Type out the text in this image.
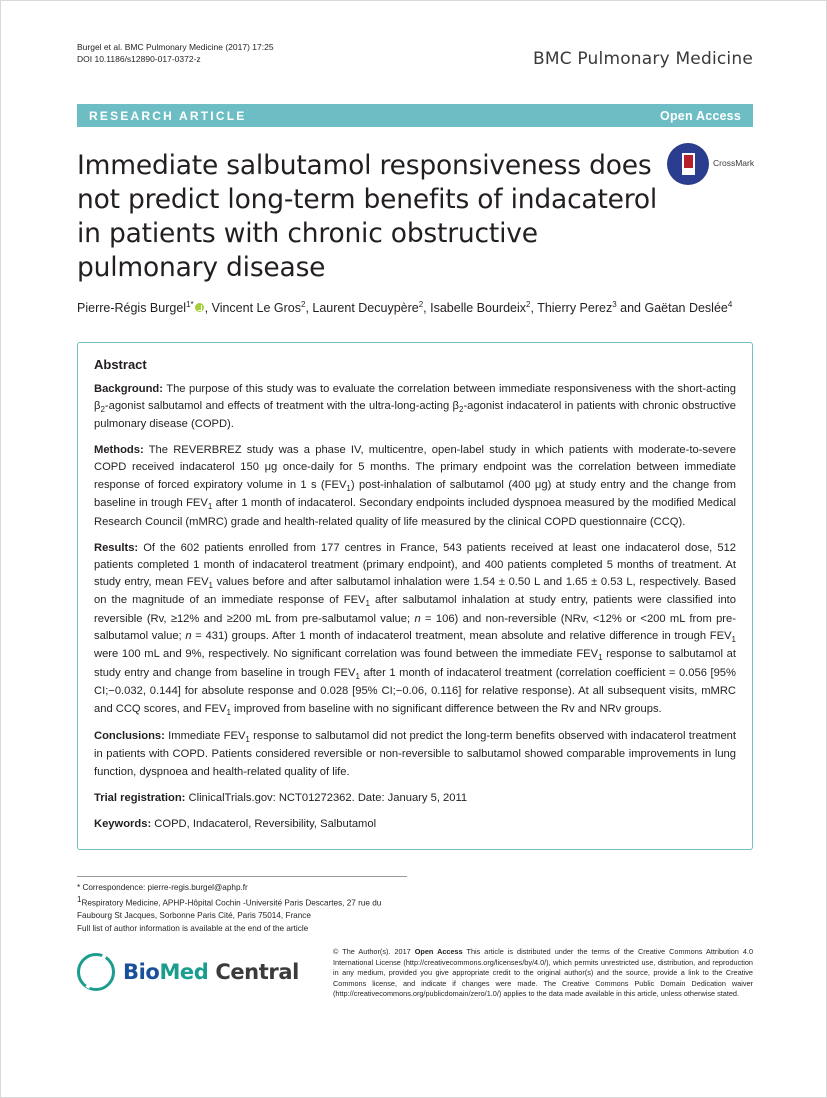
Burgel et al. BMC Pulmonary Medicine (2017) 17:25
DOI 10.1186/s12890-017-0372-z	BMC Pulmonary Medicine
RESEARCH ARTICLE	Open Access
Immediate salbutamol responsiveness does not predict long-term benefits of indacaterol in patients with chronic obstructive pulmonary disease
CrossMark
Pierre-Régis Burgel$^{1*}$ , Vincent Le Gros$^2$, Laurent Decuypère$^2$, Isabelle Bourdeix$^2$, Thierry Perez$^3$ and Gaëtan Deslée$^4$
Abstract

Background: The purpose of this study was to evaluate the correlation between immediate responsiveness with the short-acting $\beta_2$-agonist salbutamol and effects of treatment with the ultra-long-acting $\beta_2$-agonist indacaterol in patients with chronic obstructive pulmonary disease (COPD).

Methods: The REVERBREZ study was a phase IV, multicentre, open-label study in which patients with moderate-to-severe COPD received indacaterol 150 μg once-daily for 5 months. The primary endpoint was the correlation between immediate response of forced expiratory volume in 1 s $(FEV_1)$ post-inhalation of salbutamol (400 μg) at study entry and the change from baseline in trough $FEV_1$ after 1 month of indacaterol. Secondary endpoints included dyspnoea measured by the modified Medical Research Council (mMRC) grade and health-related quality of life measured by the clinical COPD questionnaire (CCQ).

Results: Of the 602 patients enrolled from 177 centres in France, 543 patients received at least one indacaterol dose, 512 patients completed 1 month of indacaterol treatment (primary endpoint), and 400 patients completed 5 months of treatment. At study entry, mean $FEV_1$ values before and after salbutamol inhalation were 1.54 ± 0.50 L and 1.65 ± 0.53 L, respectively. Based on the magnitude of an immediate response of $FEV_1$ after salbutamol inhalation at study entry, patients were classified into reversible (Rv, ≥12% and ≥200 mL from pre-salbutamol value; n = 106) and non-reversible (NRv, <12% or <200 mL from pre-salbutamol value; n = 431) groups. After 1 month of indacaterol treatment, mean absolute and relative difference in trough $FEV_1$ were 100 mL and 9%, respectively. No significant correlation was found between the immediate $FEV_1$ response to salbutamol at study entry and change from baseline in trough $FEV_1$ after 1 month of indacaterol treatment (correlation coefficient = 0.056 [95% CI;−0.032, 0.144] for absolute response and 0.028 [95% CI;−0.06, 0.116] for relative response). At all subsequent visits, mMRC and CCQ scores, and $FEV_1$ improved from baseline with no significant difference between the Rv and NRv groups.

Conclusions: Immediate $FEV_1$ response to salbutamol did not predict the long-term benefits observed with indacaterol treatment in patients with COPD. Patients considered reversible or non-reversible to salbutamol showed comparable improvements in lung function, dyspnoea and health-related quality of life.

Trial registration: ClinicalTrials.gov: NCT01272362. Date: January 5, 2011

Keywords: COPD, Indacaterol, Reversibility, Salbutamol

* Correspondence: pierre-regis.burgel@aphp.fr
$^1$Respiratory Medicine, APHP-Hôpital Cochin -Université Paris Descartes, 27 rue du Faubourg St Jacques, Sorbonne Paris Cité, Paris 75014, France
Full list of author information is available at the end of the article
BioMed Central
© The Author(s). 2017 Open Access This article is distributed under the terms of the Creative Commons Attribution 4.0 International License (http://creativecommons.org/licenses/by/4.0/), which permits unrestricted use, distribution, and reproduction in any medium, provided you give appropriate credit to the original author(s) and the source, provide a link to the Creative Commons license, and indicate if changes were made. The Creative Commons Public Domain Dedication waiver (http://creativecommons.org/publicdomain/zero/1.0/) applies to the data made available in this article, unless otherwise stated.
